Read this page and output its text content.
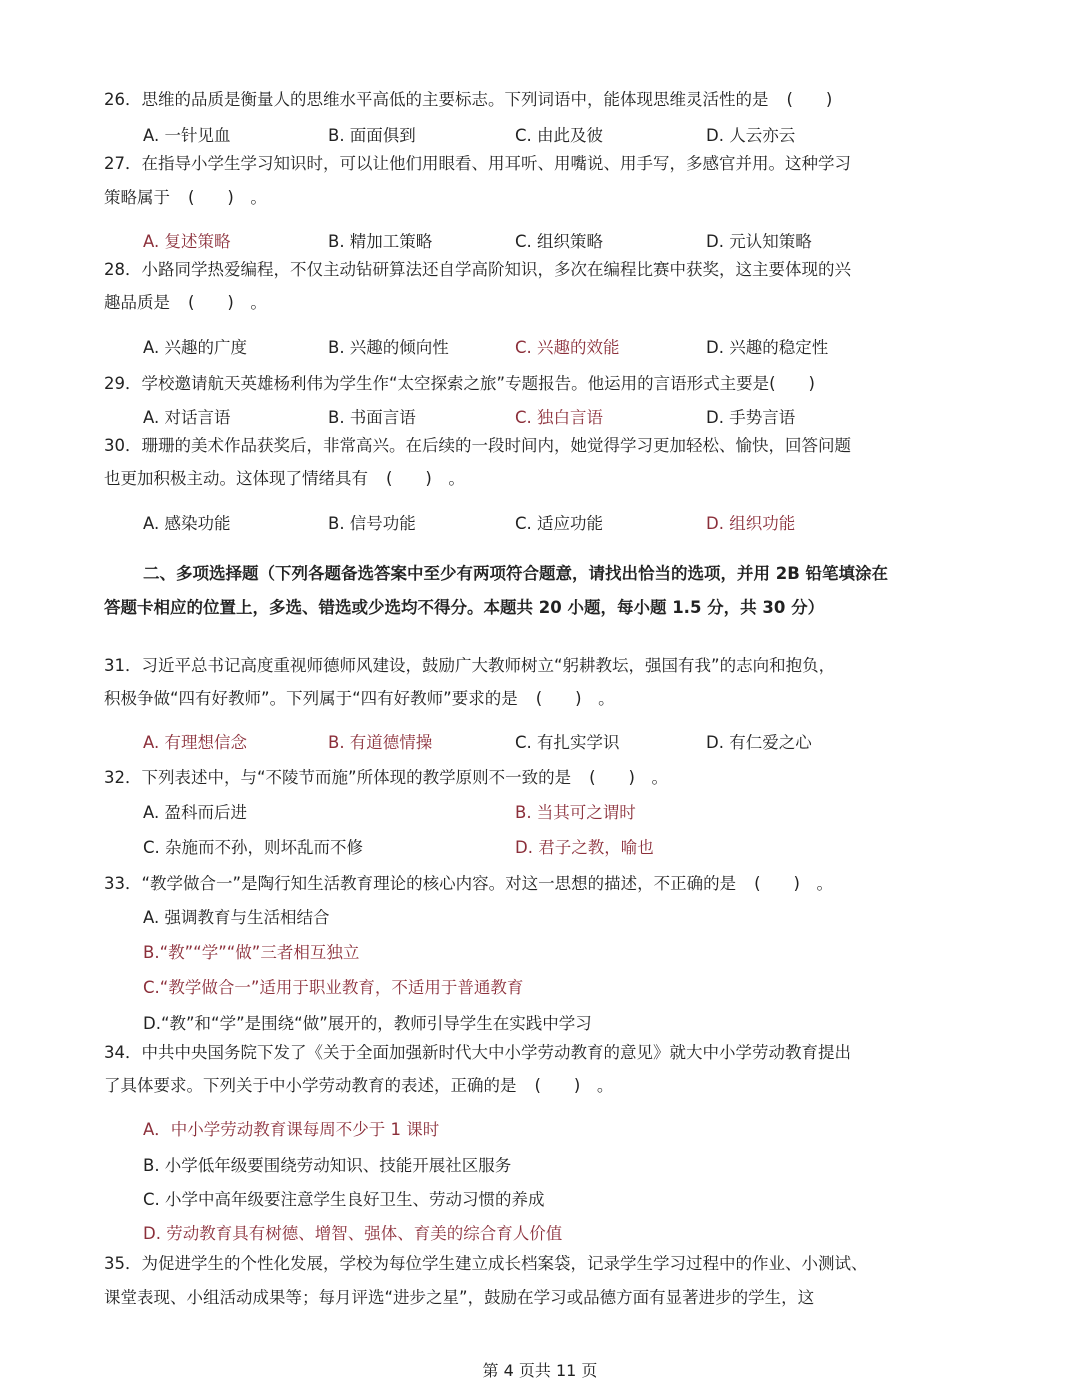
26．思维的品质是衡量人的思维水平高低的主要标志。下列词语中，能体现思维灵活性的是 (　　)
A. 一针见血	B. 面面俱到	C. 由此及彼	D. 人云亦云
27．在指导小学生学习知识时，可以让他们用眼看、用耳听、用嘴说、用手写，多感官并用。这种学习
策略属于 (　　)　。
A. 复述策略	B. 精加工策略	C. 组织策略	D. 元认知策略
28．小路同学热爱编程，不仅主动钻研算法还自学高阶知识，多次在编程比赛中获奖，这主要体现的兴
趣品质是 (　　)　。
A. 兴趣的广度	B. 兴趣的倾向性	C. 兴趣的效能	D. 兴趣的稳定性
29．学校邀请航天英雄杨利伟为学生作“太空探索之旅”专题报告。他运用的言语形式主要是(　　)
A. 对话言语	B. 书面言语	C. 独白言语	D. 手势言语
30．珊珊的美术作品获奖后，非常高兴。在后续的一段时间内，她觉得学习更加轻松、愉快，回答问题
也更加积极主动。这体现了情绪具有 (　　)　。
A. 感染功能	B. 信号功能	C. 适应功能	D. 组织功能
二、多项选择题（下列各题备选答案中至少有两项符合题意，请找出恰当的选项，并用 2B 铅笔填涂在
答题卡相应的位置上，多选、错选或少选均不得分。本题共 20 小题，每小题 1.5 分，共 30 分）
31．习近平总书记高度重视师德师风建设，鼓励广大教师树立“躬耕教坛，强国有我”的志向和抱负，
积极争做“四有好教师”。下列属于“四有好教师”要求的是 (　　)　。
A. 有理想信念	B. 有道德情操	C. 有扎实学识	D. 有仁爱之心
32．下列表述中，与“不陵节而施”所体现的教学原则不一致的是 (　　)　。
A. 盈科而后进	B. 当其可之谓时
C. 杂施而不孙，则坏乱而不修	D. 君子之教，喻也
33．“教学做合一”是陶行知生活教育理论的核心内容。对这一思想的描述，不正确的是 (　　)　。
A. 强调教育与生活相结合
B.“教”“学”“做”三者相互独立
C.“教学做合一”适用于职业教育，不适用于普通教育
D.“教”和“学”是围绕“做”展开的，教师引导学生在实践中学习
34．中共中央国务院下发了《关于全面加强新时代大中小学劳动教育的意见》就大中小学劳动教育提出
了具体要求。下列关于中小学劳动教育的表述，正确的是 (　　)　。
A．中小学劳动教育课每周不少于 1 课时
B. 小学低年级要围绕劳动知识、技能开展社区服务
C. 小学中高年级要注意学生良好卫生、劳动习惯的养成
D. 劳动教育具有树德、增智、强体、育美的综合育人价值
35．为促进学生的个性化发展，学校为每位学生建立成长档案袋，记录学生学习过程中的作业、小测试、
课堂表现、小组活动成果等；每月评选“进步之星”，鼓励在学习或品德方面有显著进步的学生，这
第 4 页共 11 页
